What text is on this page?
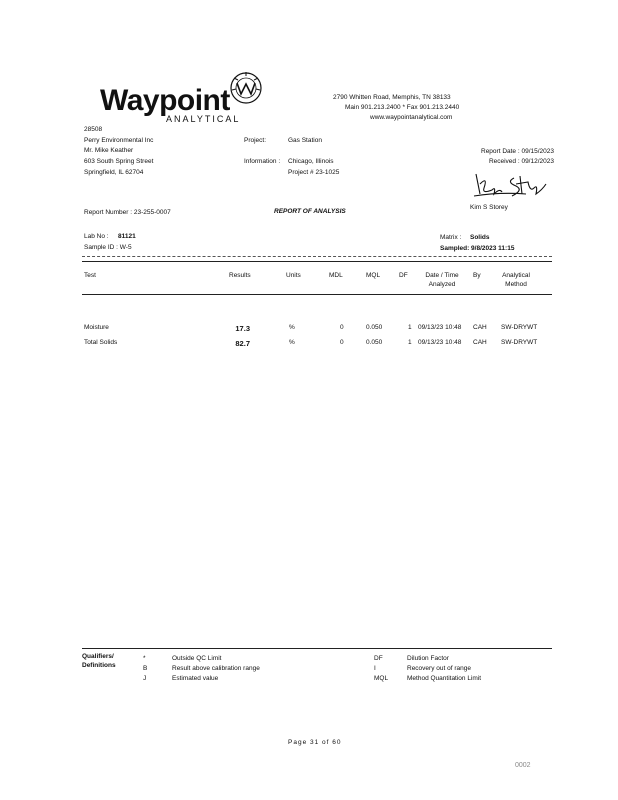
Waypoint
ANALYTICAL
2790 Whitten Road, Memphis, TN 38133
Main 901.213.2400 * Fax 901.213.2440
www.waypointanalytical.com
28508
Perry Environmental Inc
Mr. Mike Keather
603 South Spring Street
Springfield, IL 62704
Project:	Gas Station
Information : Chicago, Illinois
Project # 23-1025
Report Date : 09/15/2023
Received : 09/12/2023
Kim S Storey
Report Number : 23-255-0007	REPORT OF ANALYSIS
Lab No : 81121
Sample ID : W-5
Matrix : Solids
Sampled: 9/8/2023 11:15
Test	Results	Units	MDL	MQL	DF	Date / Time
Analyzed
By	Analytical
Method
Moisture	17.3	%	0	0.050	1 09/13/23 10:48 CAH SW-DRYWT
Total Solids	82.7	%	0	0.050	1 09/13/23 10:48 CAH SW-DRYWT
Qualifiers/
Definitions
*	Outside QC Limit
B	Result above calibration range
J	Estimated value
DF	Dilution Factor
I	Recovery out of range
MQL	Method Quantitation Limit
Page 31 of 60
0002
